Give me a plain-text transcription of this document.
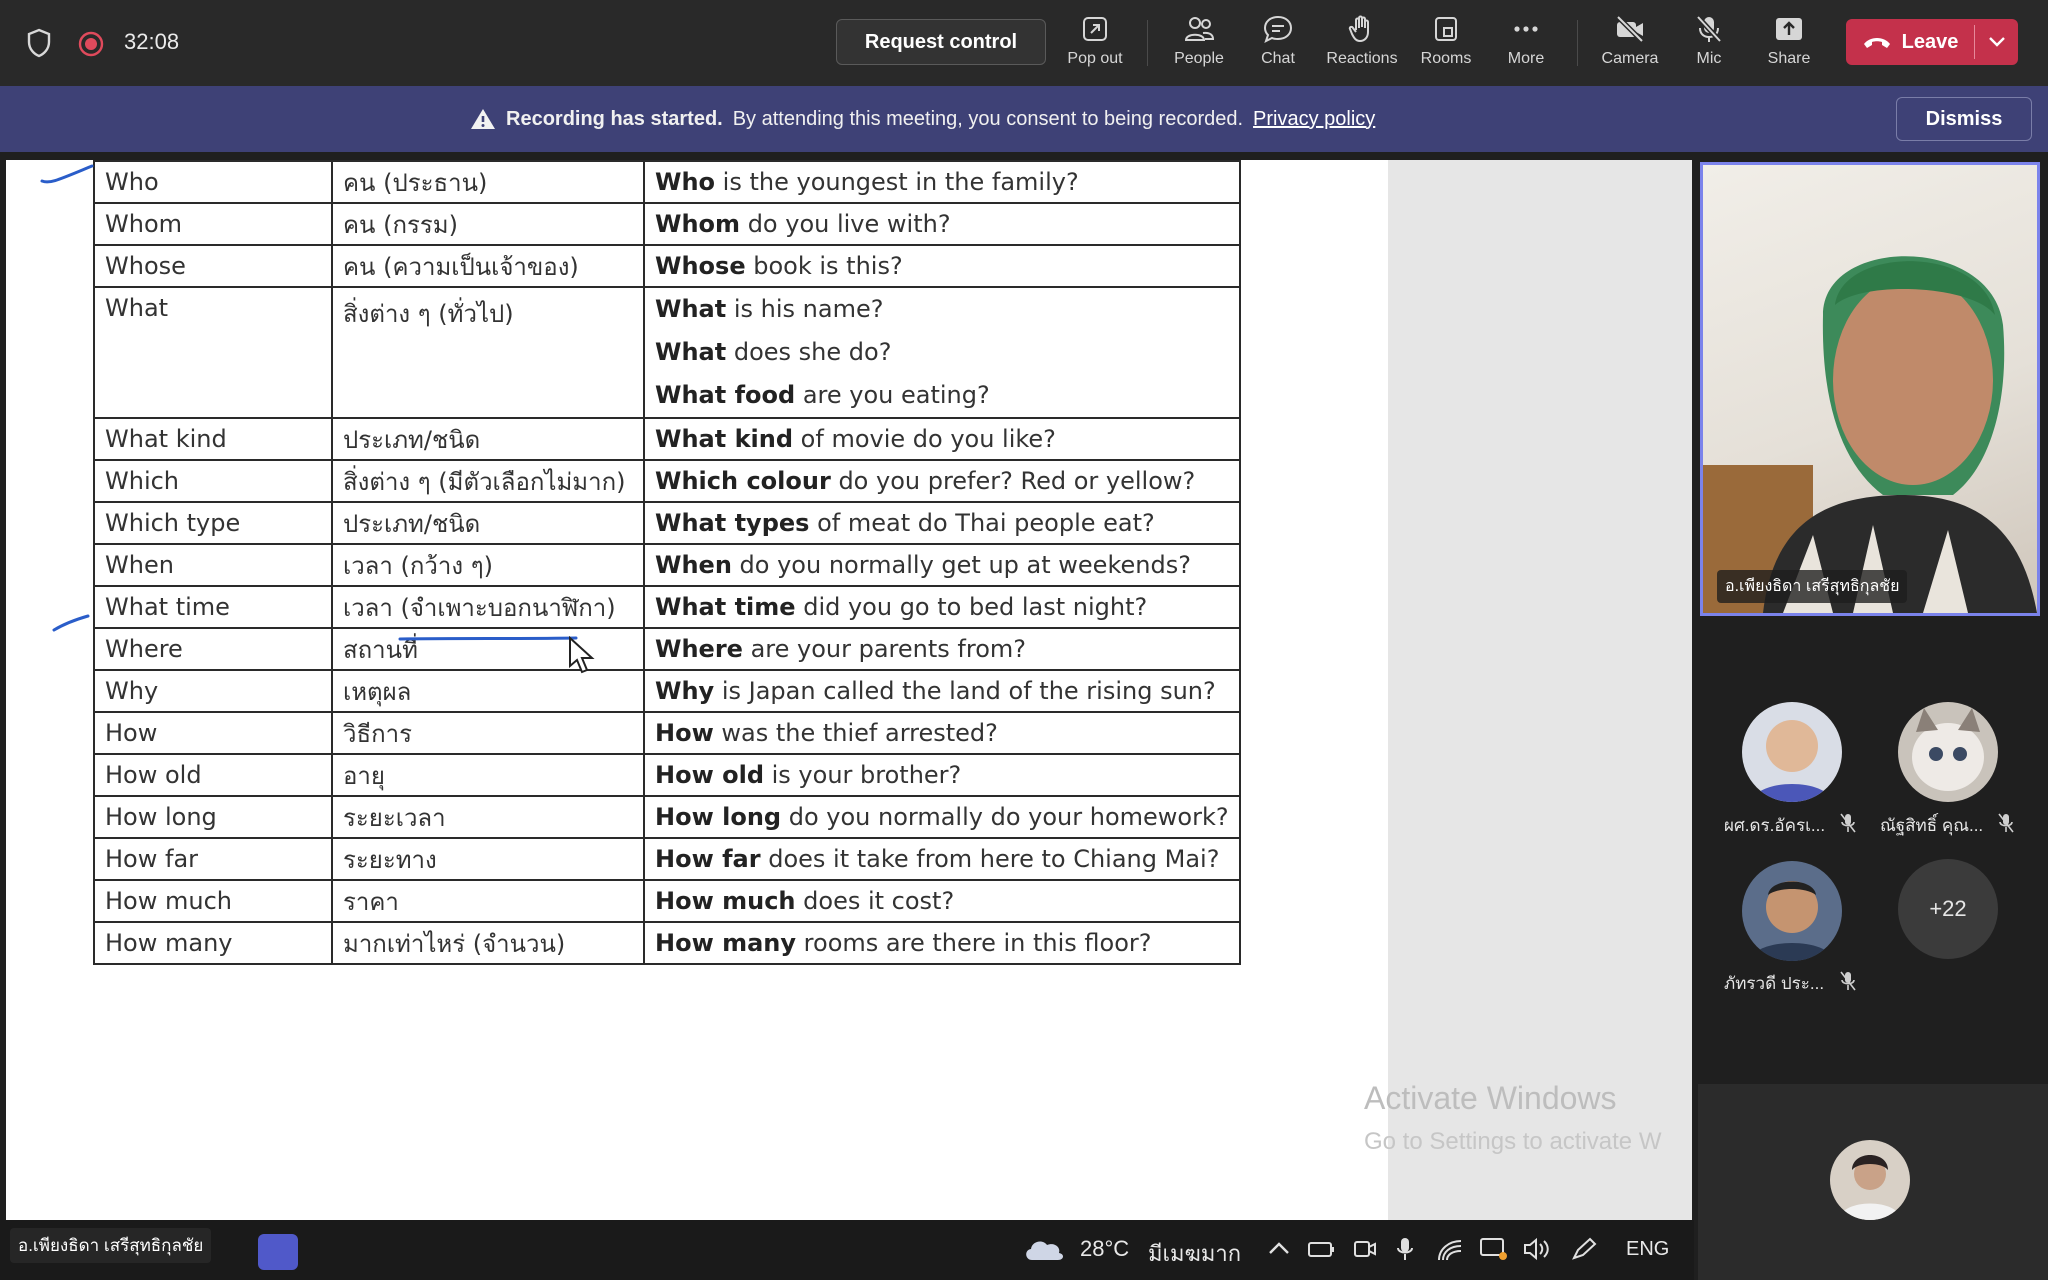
32:08	Request control
Pop out	People	Chat	Reactions	Rooms	More	Camera	Mic	Share
Leave
Recording has started. By attending this meeting, you consent to being recorded. Privacy policy	Dismiss
Who	คน (ประธาน)	Who is the youngest in the family?

Whom	คน (กรรม)	Whom do you live with?

Whose	คน (ความเป็นเจ้าของ)	Whose book is this?

What	สิ่งต่าง ๆ (ทั่วไป)	What is his name?
What does she do?
What food are you eating?

What kind	ประเภท/ชนิด	What kind of movie do you like?

Which	สิ่งต่าง ๆ (มีตัวเลือกไม่มาก)	Which colour do you prefer? Red or yellow?

Which type	ประเภท/ชนิด	What types of meat do Thai people eat?

When	เวลา (กว้าง ๆ)	When do you normally get up at weekends?

What time	เวลา (จำเพาะบอกนาฬิกา)	What time did you go to bed last night?

Where	สถานที่	Where are your parents from?

Why	เหตุผล	Why is Japan called the land of the rising sun?

How	วิธีการ	How was the thief arrested?

How old	อายุ	How old is your brother?

How long	ระยะเวลา	How long do you normally do your homework?

How far	ระยะทาง	How far does it take from here to Chiang Mai?

How much	ราคา	How much does it cost?

How many	มากเท่าไหร่ (จำนวน)	How many rooms are there in this floor?
Activate Windows
Go to Settings to activate W
อ.เพียงธิดา เสรีสุทธิกุลชัย	28°C มีเมฆมาก	ENG
อ.เพียงธิดา เสรีสุทธิกุลชัย
ผศ.ดร.อัครเ...	ณัฐสิทธิ์ คุณ...
ภัทรวดี ประ...
+22
